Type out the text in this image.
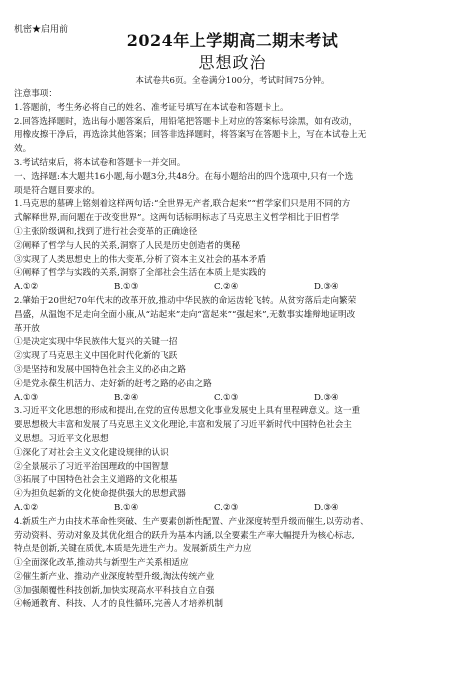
机密★启用前
2024年上学期高二期末考试
思想政治
本试卷共6页。全卷满分100分，考试时间75分钟。

注意事项：

1.答题前，考生务必将自己的姓名、准考证号填写在本试卷和答题卡上。

2.回答选择题时，选出每小题答案后，用铅笔把答题卡上对应的答案标号涂黑，如有改动，

用橡皮擦干净后，再选涂其他答案；回答非选择题时，将答案写在答题卡上，写在本试卷上无

效。

3.考试结束后，将本试卷和答题卡一并交回。

一、选择题:本大题共16小题,每小题3分,共48分。在每小题给出的四个选项中,只有一个选

项是符合题目要求的。

1.马克思的墓碑上铭刻着这样两句话:“全世界无产者,联合起来”“哲学家们只是用不同的方

式解释世界,而问题在于改变世界”。这两句话标明标志了马克思主义哲学相比于旧哲学

①主张阶级调和,找到了进行社会变革的正确途径

②阐释了哲学与人民的关系,洞察了人民是历史创造者的奥秘

③实现了人类思想史上的伟大变革,分析了资本主义社会的基本矛盾

④阐释了哲学与实践的关系,洞察了全部社会生活在本质上是实践的

A.①②	B.①③	C.②④	D.③④

2.肇始于20世纪70年代末的改革开放,推动中华民族的命运齿轮飞转。从贫穷落后走向繁荣

昌盛，从温饱不足走向全面小康,从“站起来”走向“富起来”“强起来”,无数事实雄辩地证明改

革开放

①是决定实现中华民族伟大复兴的关键一招

②实现了马克思主义中国化时代化新的飞跃

③是坚持和发展中国特色社会主义的必由之路

④是党永葆生机活力、走好新的赶考之路的必由之路

A.①③	B.②④	C.①③	D.③④

3.习近平文化思想的形成和提出,在党的宣传思想文化事业发展史上具有里程碑意义。这一重

要思想极大丰富和发展了马克思主义文化理论,丰富和发展了习近平新时代中国特色社会主

义思想。习近平文化思想

①深化了对社会主义文化建设规律的认识

②全景展示了习近平治国理政的中国智慧

③拓展了中国特色社会主义道路的文化根基

④为担负起新的文化使命提供强大的思想武器

A.①②	B.①④	C.②③	D.③④

4.新质生产力由技术革命性突破、生产要素创新性配置、产业深度转型升级而催生,以劳动者、

劳动资料、劳动对象及其优化组合的跃升为基本内涵,以全要素生产率大幅提升为核心标志,

特点是创新,关键在质优,本质是先进生产力。发展新质生产力应

①全面深化改革,推动共与新型生产关系相适应

②催生新产业、推动产业深度转型升级,淘汰传统产业

③加强颠覆性科技创新,加快实现高水平科技自立自强

④畅通教育、科技、人才的良性循环,完善人才培养机制
